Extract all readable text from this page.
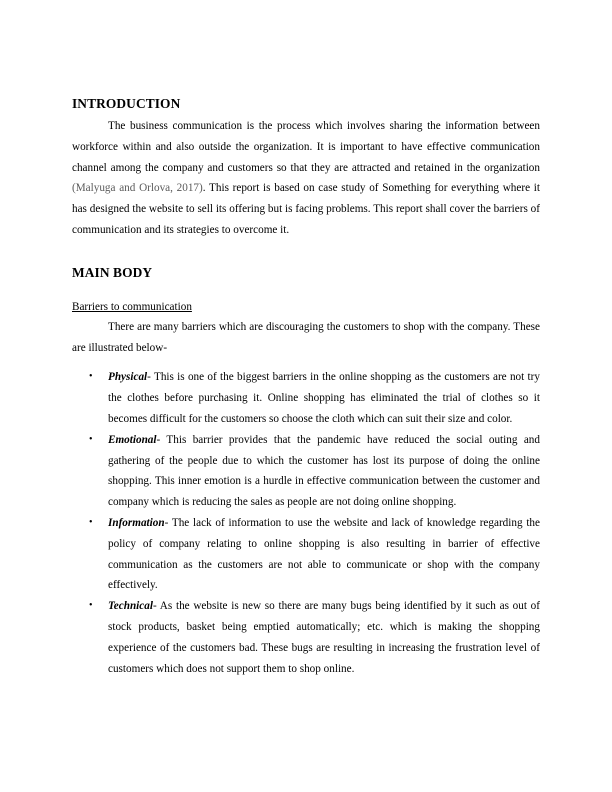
INTRODUCTION

The business communication is the process which involves sharing the information between workforce within and also outside the organization. It is important to have effective communication channel among the company and customers so that they are attracted and retained in the organization (Malyuga and Orlova, 2017). This report is based on case study of Something for everything where it has designed the website to sell its offering but is facing problems. This report shall cover the barriers of communication and its strategies to overcome it.

MAIN BODY

Barriers to communication

There are many barriers which are discouraging the customers to shop with the company. These are illustrated below-

• Physical- This is one of the biggest barriers in the online shopping as the customers are not try the clothes before purchasing it. Online shopping has eliminated the trial of clothes so it becomes difficult for the customers so choose the cloth which can suit their size and color.
• Emotional- This barrier provides that the pandemic have reduced the social outing and gathering of the people due to which the customer has lost its purpose of doing the online shopping. This inner emotion is a hurdle in effective communication between the customer and company which is reducing the sales as people are not doing online shopping.
• Information- The lack of information to use the website and lack of knowledge regarding the policy of company relating to online shopping is also resulting in barrier of effective communication as the customers are not able to communicate or shop with the company effectively.
• Technical- As the website is new so there are many bugs being identified by it such as out of stock products, basket being emptied automatically; etc. which is making the shopping experience of the customers bad. These bugs are resulting in increasing the frustration level of customers which does not support them to shop online.
